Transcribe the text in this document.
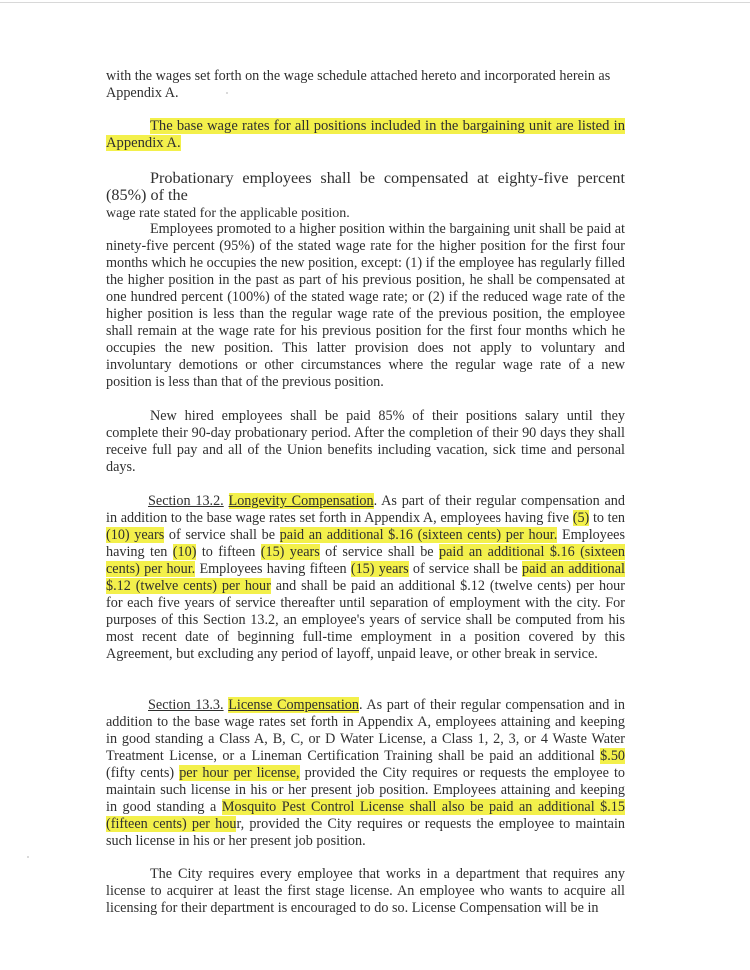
with the wages set forth on the wage schedule attached hereto and incorporated herein as
Appendix A.
The base wage rates for all positions included in the bargaining unit are listed in Appendix A.
Probationary employees shall be compensated at eighty-five percent (85%) of the
wage rate stated for the applicable position.
Employees promoted to a higher position within the bargaining unit shall be paid at ninety-five percent (95%) of the stated wage rate for the higher position for the first four months which he occupies the new position, except: (1) if the employee has regularly filled the higher position in the past as part of his previous position, he shall be compensated at one hundred percent (100%) of the stated wage rate; or (2) if the reduced wage rate of the higher position is less than the regular wage rate of the previous position, the employee shall remain at the wage rate for his previous position for the first four months which he occupies the new position. This latter provision does not apply to voluntary and involuntary demotions or other circumstances where the regular wage rate of a new position is less than that of the previous position.
New hired employees shall be paid 85% of their positions salary until they complete their 90-day probationary period. After the completion of their 90 days they shall receive full pay and all of the Union benefits including vacation, sick time and personal days.
Section 13.2. Longevity Compensation. As part of their regular compensation and in addition to the base wage rates set forth in Appendix A, employees having five (5) to ten (10) years of service shall be paid an additional $.16 (sixteen cents) per hour. Employees having ten (10) to fifteen (15) years of service shall be paid an additional $.16 (sixteen cents) per hour. Employees having fifteen (15) years of service shall be paid an additional $.12 (twelve cents) per hour and shall be paid an additional $.12 (twelve cents) per hour for each five years of service thereafter until separation of employment with the city. For purposes of this Section 13.2, an employee's years of service shall be computed from his most recent date of beginning full-time employment in a position covered by this Agreement, but excluding any period of layoff, unpaid leave, or other break in service.
Section 13.3. License Compensation. As part of their regular compensation and in addition to the base wage rates set forth in Appendix A, employees attaining and keeping in good standing a Class A, B, C, or D Water License, a Class 1, 2, 3, or 4 Waste Water Treatment License, or a Lineman Certification Training shall be paid an additional $.50 (fifty cents) per hour per license, provided the City requires or requests the employee to maintain such license in his or her present job position. Employees attaining and keeping in good standing a Mosquito Pest Control License shall also be paid an additional $.15 (fifteen cents) per hour, provided the City requires or requests the employee to maintain such license in his or her present job position.
The City requires every employee that works in a department that requires any license to acquirer at least the first stage license. An employee who wants to acquire all licensing for their department is encouraged to do so. License Compensation will be in
